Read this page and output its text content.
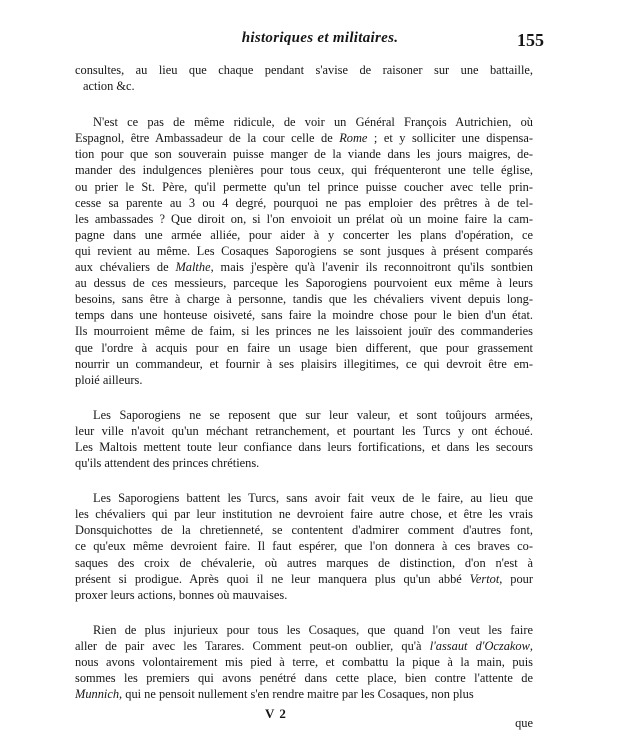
historiques et militaires.	155

consultes, au lieu que chaque pendant s'avise de raisoner sur une battaille,
action &c.

N'est ce pas de même ridicule, de voir un Général François Autrichien, où
Espagnol, être Ambassadeur de la cour celle de Rome ; et y solliciter une dispensa-
tion pour que son souverain puisse manger de la viande dans les jours maigres, de-
mander des indulgences plenières pour tous ceux, qui fréquenteront une telle église,
ou prier le St. Père, qu'il permette qu'un tel prince puisse coucher avec telle prin-
cesse sa parente au 3 ou 4 degré, pourquoi ne pas emploier des prêtres à de tel-
les ambassades ? Que diroit on, si l'on envoioit un prélat où un moine faire la cam-
pagne dans une armée alliée, pour aider à y concerter les plans d'opération, ce
qui revient au même. Les Cosaques Saporogiens se sont jusques à présent comparés
aux chévaliers de Malthe, mais j'espère qu'à l'avenir ils reconnoitront qu'ils sontbien
au dessus de ces messieurs, parceque les Saporogiens pourvoient eux même à leurs
besoins, sans être à charge à personne, tandis que les chévaliers vivent depuis long-
temps dans une honteuse oisiveté, sans faire la moindre chose pour le bien d'un état.
Ils mourroient même de faim, si les princes ne les laissoient jouïr des commanderies
que l'ordre à acquis pour en faire un usage bien different, que pour grassement
nourrir un commandeur, et fournir à ses plaisirs illegitimes, ce qui devroit être em-
ploié ailleurs.

Les Saporogiens ne se reposent que sur leur valeur, et sont toûjours armées,
leur ville n'avoit qu'un méchant retranchement, et pourtant les Turcs y ont échoué.
Les Maltois mettent toute leur confiance dans leurs fortifications, et dans les secours
qu'ils attendent des princes chrétiens.

Les Saporogiens battent les Turcs, sans avoir fait veux de le faire, au lieu que
les chévaliers qui par leur institution ne devroient faire autre chose, et être les vrais
Donsquichottes de la chretienneté, se contentent d'admirer comment d'autres font,
ce qu'eux même devroient faire. Il faut espérer, que l'on donnera à ces braves co-
saques des croix de chévalerie, où autres marques de distinction, d'on n'est à
présent si prodigue. Après quoi il ne leur manquera plus qu'un abbé Vertot, pour
proxer leurs actions, bonnes où mauvaises.

Rien de plus injurieux pour tous les Cosaques, que quand l'on veut les faire
aller de pair avec les Tarares. Comment peut-on oublier, qu'à l'assaut d'Oczakow,
nous avons volontairement mis pied à terre, et combattu la pique à la main, puis
sommes les premiers qui avons penétré dans cette place, bien contre l'attente de
Munnich, qui ne pensoit nullement s'en rendre maitre par les Cosaques, non plus

V 2
que
